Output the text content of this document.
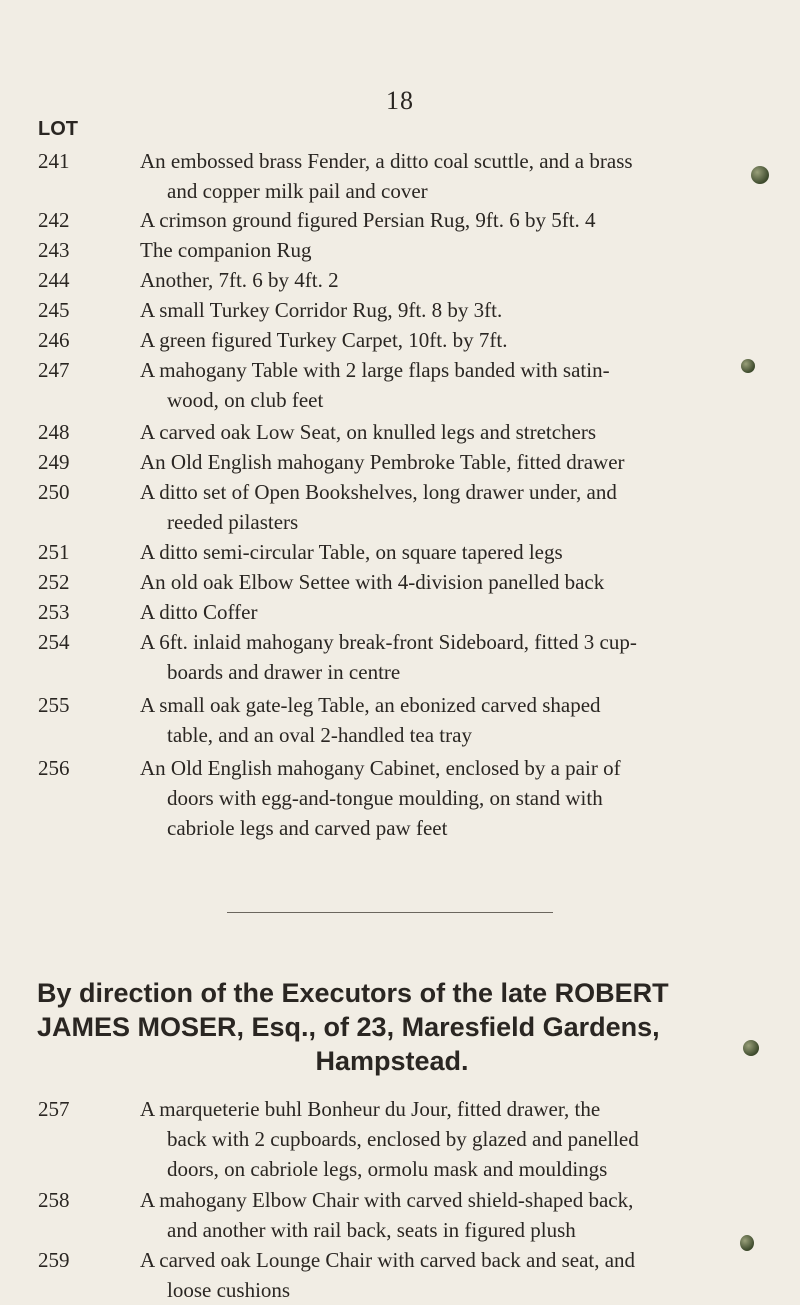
18
LOT
241	An embossed brass Fender, a ditto coal scuttle, and a brass
and copper milk pail and cover
242	A crimson ground figured Persian Rug, 9ft. 6 by 5ft. 4
243	The companion Rug
244	Another, 7ft. 6 by 4ft. 2
245	A small Turkey Corridor Rug, 9ft. 8 by 3ft.
246	A green figured Turkey Carpet, 10ft. by 7ft.
247	A mahogany Table with 2 large flaps banded with satin-
wood, on club feet
248	A carved oak Low Seat, on knulled legs and stretchers
249	An Old English mahogany Pembroke Table, fitted drawer
250	A ditto set of Open Bookshelves, long drawer under, and
reeded pilasters
251	A ditto semi-circular Table, on square tapered legs
252	An old oak Elbow Settee with 4-division panelled back
253	A ditto Coffer
254	A 6ft. inlaid mahogany break-front Sideboard, fitted 3 cup-
boards and drawer in centre
255	A small oak gate-leg Table, an ebonized carved shaped
table, and an oval 2-handled tea tray
256	An Old English mahogany Cabinet, enclosed by a pair of
doors with egg-and-tongue moulding, on stand with
cabriole legs and carved paw feet
By direction of the Executors of the late ROBERT
JAMES MOSER, Esq., of 23, Maresfield Gardens,
Hampstead.
257	A marqueterie buhl Bonheur du Jour, fitted drawer, the
back with 2 cupboards, enclosed by glazed and panelled
doors, on cabriole legs, ormolu mask and mouldings
258	A mahogany Elbow Chair with carved shield-shaped back,
and another with rail back, seats in figured plush
259	A carved oak Lounge Chair with carved back and seat, and
loose cushions
